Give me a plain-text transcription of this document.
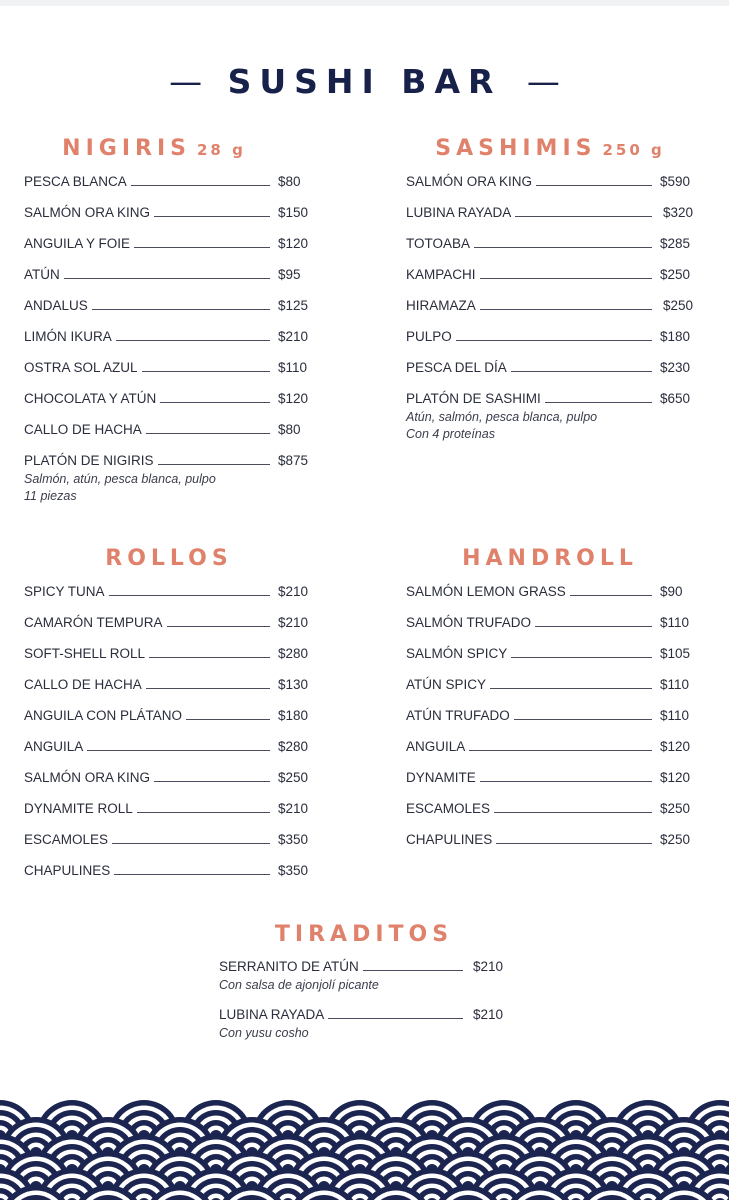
— SUSHI BAR —
NIGIRIS 28 g
PESCA BLANCA	$80
SALMÓN ORA KING	$150
ANGUILA Y FOIE	$120
ATÚN	$95
ANDALUS	$125
LIMÓN IKURA	$210
OSTRA SOL AZUL	$110
CHOCOLATA Y ATÚN	$120
CALLO DE HACHA	$80
PLATÓN DE NIGIRIS	$875
Salmón, atún, pesca blanca, pulpo
11 piezas
SASHIMIS 250 g
SALMÓN ORA KING	$590
LUBINA RAYADA	$320
TOTOABA	$285
KAMPACHI	$250
HIRAMAZA	$250
PULPO	$180
PESCA DEL DÍA	$230
PLATÓN DE SASHIMI	$650
Atún, salmón, pesca blanca, pulpo
Con 4 proteínas
ROLLOS
SPICY TUNA	$210
CAMARÓN TEMPURA	$210
SOFT-SHELL ROLL	$280
CALLO DE HACHA	$130
ANGUILA CON PLÁTANO	$180
ANGUILA	$280
SALMÓN ORA KING	$250
DYNAMITE ROLL	$210
ESCAMOLES	$350
CHAPULINES	$350
HANDROLL
SALMÓN LEMON GRASS	$90
SALMÓN TRUFADO	$110
SALMÓN SPICY	$105
ATÚN SPICY	$110
ATÚN TRUFADO	$110
ANGUILA	$120
DYNAMITE	$120
ESCAMOLES	$250
CHAPULINES	$250
TIRADITOS
SERRANITO DE ATÚN	$210
Con salsa de ajonjolí picante
LUBINA RAYADA	$210
Con yusu cosho
